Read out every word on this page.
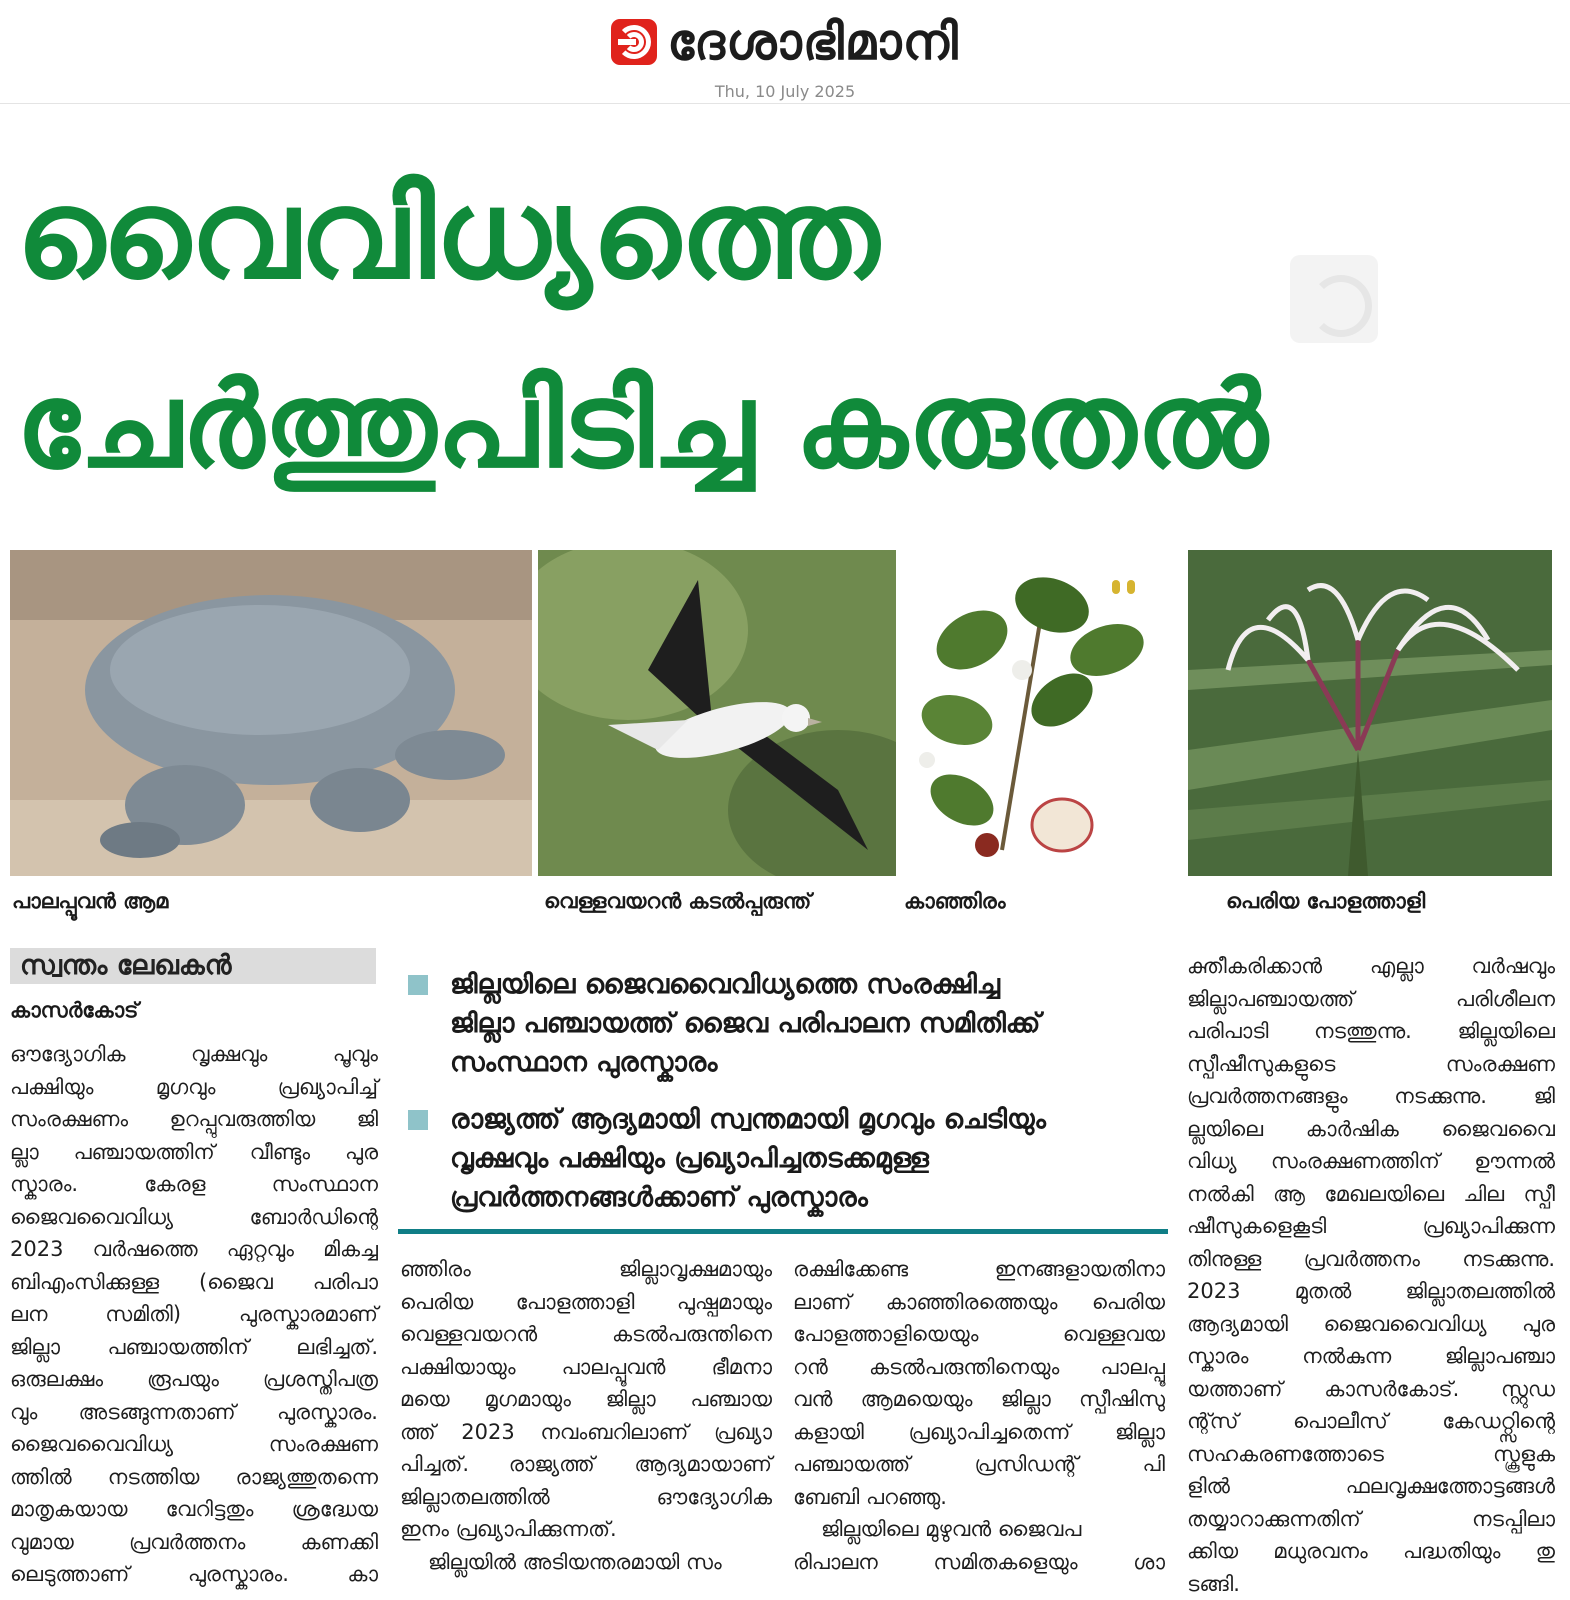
ദേശാഭിമാനി
Thu, 10 July 2025
വൈവിധ്യത്തെ
ചേർത്തുപിടിച്ച കരുതൽ
പാലപ്പൂവൻ ആമ	വെള്ളവയറൻ കടൽപ്പരുന്ത്	കാഞ്ഞിരം	പെരിയ പോളത്താളി
സ്വന്തം ലേഖകൻ
കാസർകോട്
ഔദ്യോഗിക വൃക്ഷവും പൂവും
പക്ഷിയും മൃഗവും പ്രഖ്യാപിച്ച്
സംരക്ഷണം ഉറപ്പുവരുത്തിയ ജി
ല്ലാ പഞ്ചായത്തിന് വീണ്ടും പുര
സ്കാരം. കേരള സംസ്ഥാന
ജൈവവൈവിധ്യ ബോർഡിന്റെ
2023 വർഷത്തെ ഏറ്റവും മികച്ച
ബിഎംസിക്കുള്ള (ജൈവ പരിപാ
ലന സമിതി) പുരസ്കാരമാണ്
ജില്ലാ പഞ്ചായത്തിന് ലഭിച്ചത്.
ഒരുലക്ഷം രൂപയും പ്രശസ്തിപത്ര
വും അടങ്ങുന്നതാണ് പുരസ്കാരം.
ജൈവവൈവിധ്യ സംരക്ഷണ
ത്തിൽ നടത്തിയ രാജ്യത്തുതന്നെ
മാതൃകയായ വേറിട്ടതും ശ്രദ്ധേയ
വുമായ പ്രവർത്തനം കണക്കി
ലെടുത്താണ് പുരസ്കാരം. കാ
ജില്ലയിലെ ജൈവവൈവിധ്യത്തെ സംരക്ഷിച്ച
ജില്ലാ പഞ്ചായത്ത് ജൈവ പരിപാലന സമിതിക്ക്
സംസ്ഥാന പുരസ്കാരം
രാജ്യത്ത് ആദ്യമായി സ്വന്തമായി മൃഗവും ചെടിയും
വൃക്ഷവും പക്ഷിയും പ്രഖ്യാപിച്ചതടക്കമുള്ള
പ്രവർത്തനങ്ങൾക്കാണ് പുരസ്കാരം
ഞ്ഞിരം ജില്ലാവൃക്ഷമായും
പെരിയ പോളത്താളി പുഷ്പമായും
വെള്ളവയറൻ കടൽപരുന്തിനെ
പക്ഷിയായും പാലപ്പൂവൻ ഭീമനാ
മയെ മൃഗമായും ജില്ലാ പഞ്ചായ
ത്ത് 2023 നവംബറിലാണ് പ്രഖ്യാ
പിച്ചത്. രാജ്യത്ത് ആദ്യമായാണ്
ജില്ലാതലത്തിൽ ഔദ്യോഗിക
ഇനം പ്രഖ്യാപിക്കുന്നത്.
ജില്ലയിൽ അടിയന്തരമായി സം
രക്ഷിക്കേണ്ട ഇനങ്ങളായതിനാ
ലാണ് കാഞ്ഞിരത്തെയും പെരിയ
പോളത്താളിയെയും വെള്ളവയ
റൻ കടൽപരുന്തിനെയും പാലപ്പൂ
വൻ ആമയെയും ജില്ലാ സ്പീഷിസു
കളായി പ്രഖ്യാപിച്ചതെന്ന് ജില്ലാ
പഞ്ചായത്ത് പ്രസിഡന്റ് പി
ബേബി പറഞ്ഞു.
ജില്ലയിലെ മുഴുവൻ ജൈവപ
രിപാലന സമിതകളെയും ശാ
ക്തീകരിക്കാൻ എല്ലാ വർഷവും
ജില്ലാപഞ്ചായത്ത് പരിശീലന
പരിപാടി നടത്തുന്നു. ജില്ലയിലെ
സ്പീഷീസുകളുടെ സംരക്ഷണ
പ്രവർത്തനങ്ങളും നടക്കുന്നു. ജി
ല്ലയിലെ കാർഷിക ജൈവവൈ
വിധ്യ സംരക്ഷണത്തിന് ഊന്നൽ
നൽകി ആ മേഖലയിലെ ചില സ്പീ
ഷീസുകളെകൂടി പ്രഖ്യാപിക്കുന്ന
തിനുള്ള പ്രവർത്തനം നടക്കുന്നു.
2023 മുതൽ ജില്ലാതലത്തിൽ
ആദ്യമായി ജൈവവൈവിധ്യ പുര
സ്കാരം നൽകുന്ന ജില്ലാപഞ്ചാ
യത്താണ് കാസർകോട്. സ്റ്റുഡ
ന്റ്സ് പൊലീസ് കേഡറ്റ്സിന്റെ
സഹകരണത്തോടെ സ്കൂളുക
ളിൽ ഫലവൃക്ഷത്തോട്ടങ്ങൾ
തയ്യാറാക്കുന്നതിന് നടപ്പിലാ
ക്കിയ മധുരവനം പദ്ധതിയും തു
ടങ്ങി.
